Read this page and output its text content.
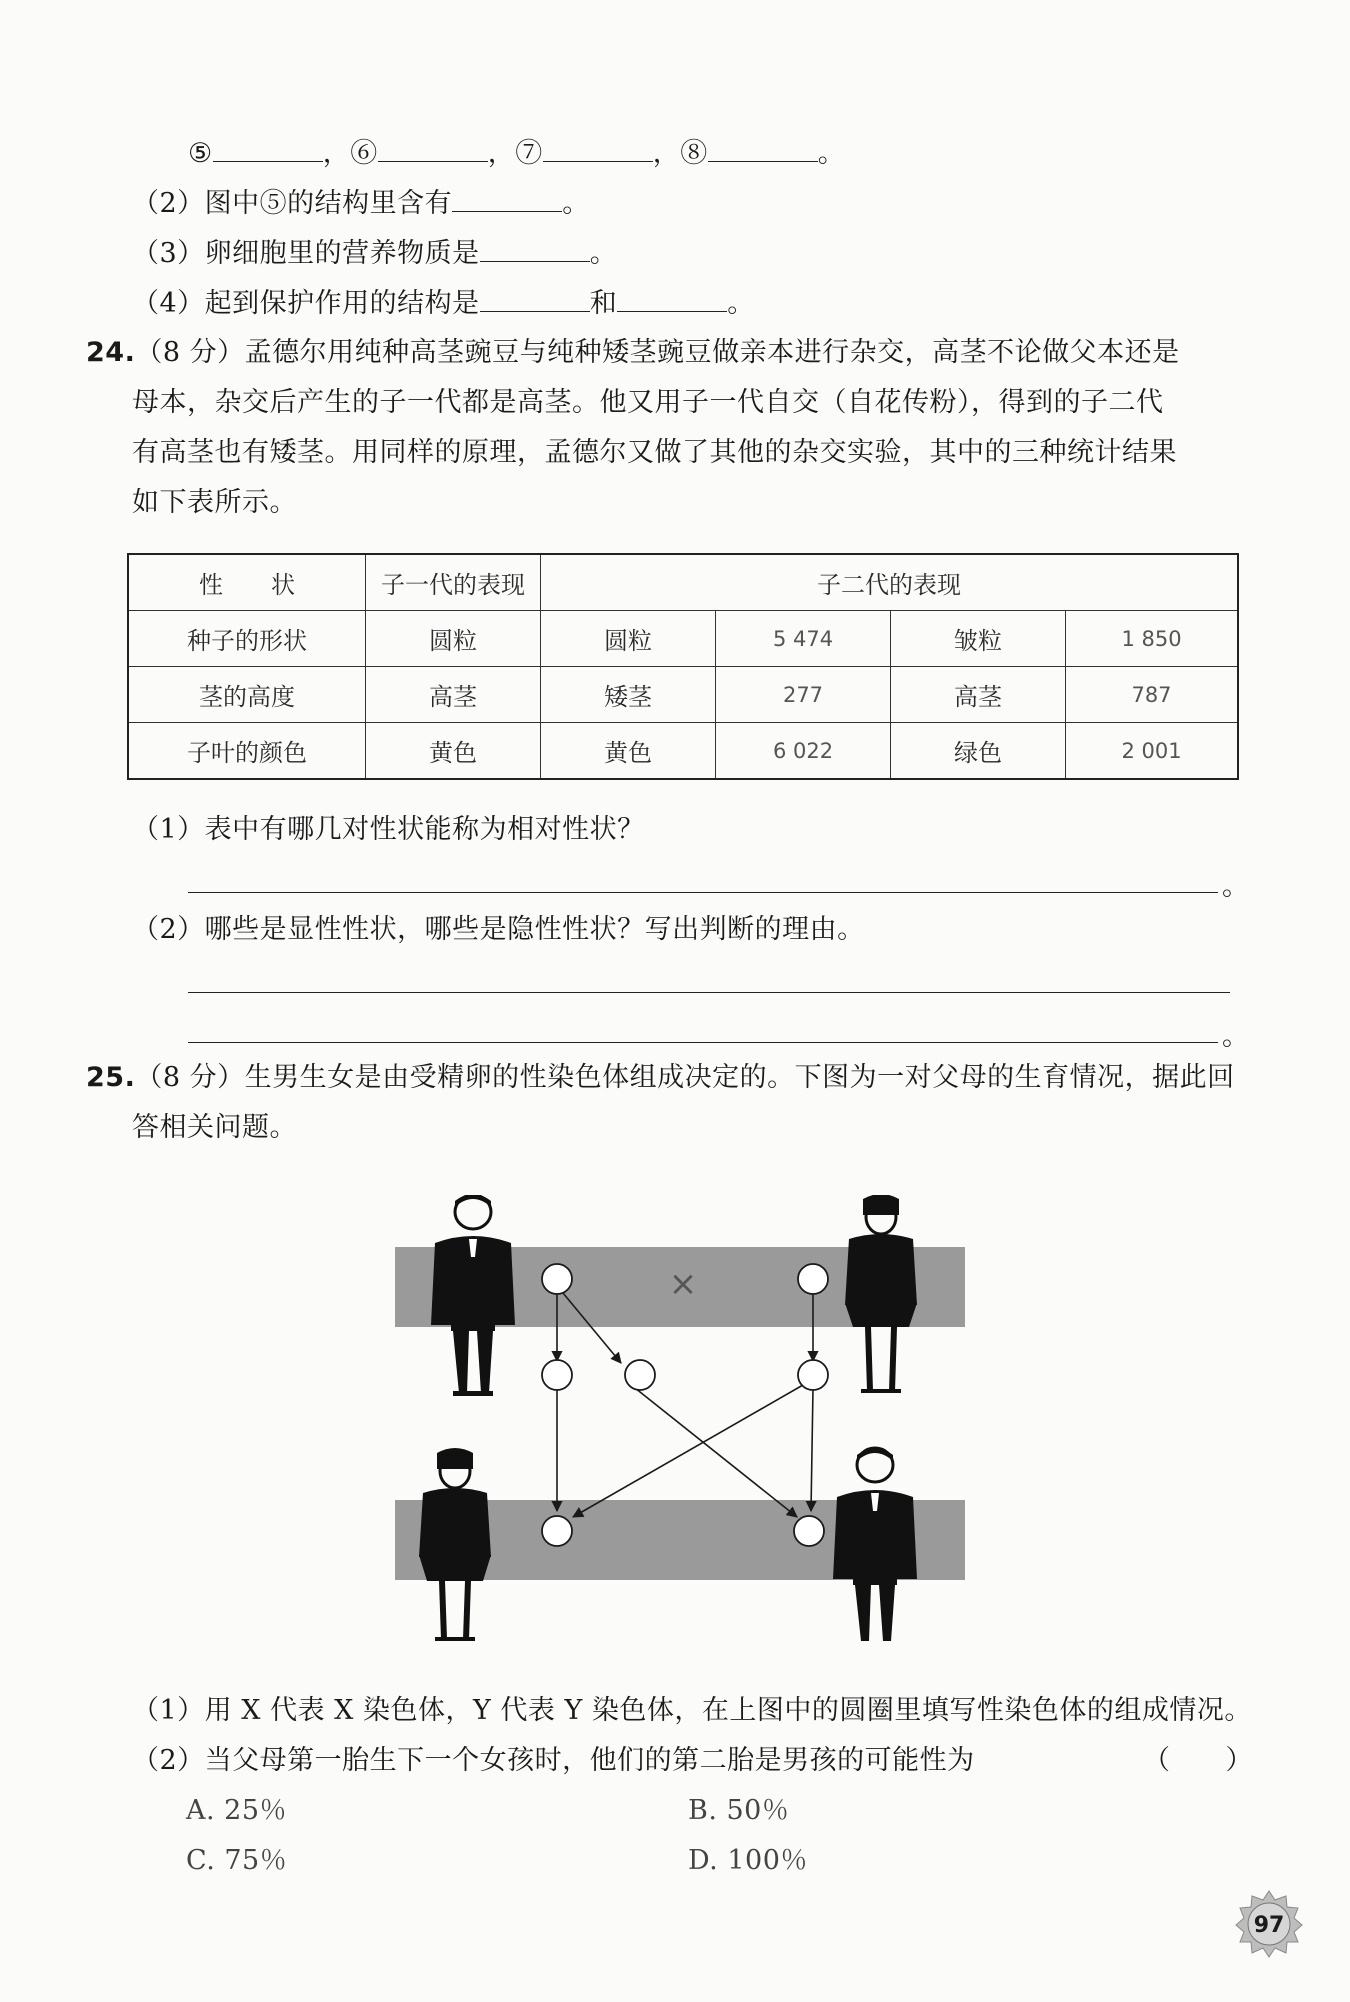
⑤	，⑥	，⑦	，⑧	。
（2）图中⑤的结构里含有	。
（3）卵细胞里的营养物质是	。
（4）起到保护作用的结构是	和	。
24.（8 分）孟德尔用纯种高茎豌豆与纯种矮茎豌豆做亲本进行杂交，高茎不论做父本还是
母本，杂交后产生的子一代都是高茎。他又用子一代自交（自花传粉），得到的子二代
有高茎也有矮茎。用同样的原理，孟德尔又做了其他的杂交实验，其中的三种统计结果
如下表所示。
性　　状	子一代的表现	子二代的表现			
种子的形状	圆粒	圆粒	5 474	皱粒	1 850
茎的高度	高茎	矮茎	277	高茎	787
子叶的颜色	黄色	黄色	6 022	绿色	2 001
（1）表中有哪几对性状能称为相对性状？
。
（2）哪些是显性性状，哪些是隐性性状？写出判断的理由。
。
25.（8 分）生男生女是由受精卵的性染色体组成决定的。下图为一对父母的生育情况，据此回
答相关问题。
×
（1）用 X 代表 X 染色体，Y 代表 Y 染色体，在上图中的圆圈里填写性染色体的组成情况。
（2）当父母第一胎生下一个女孩时，他们的第二胎是男孩的可能性为	（　　）
A. 25％	B. 50％
C. 75％	D. 100％
97
